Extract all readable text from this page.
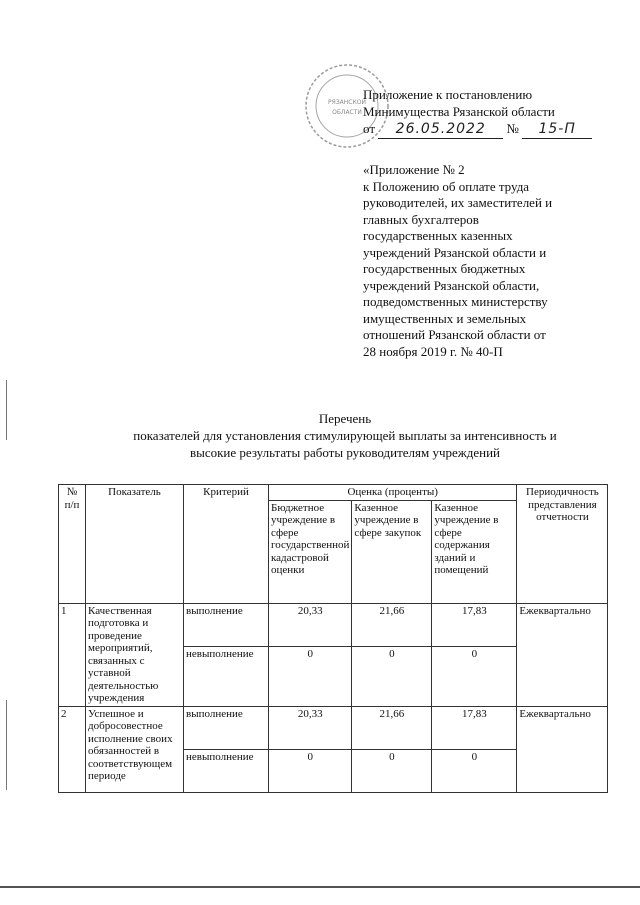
РЯЗАНСКОЙ
ОБЛАСТИ
Приложение к постановлению
Минимущества Рязанской области
от 26.05.2022 № 15-П
«Приложение № 2
к Положению об оплате труда
руководителей, их заместителей и
главных бухгалтеров
государственных казенных
учреждений Рязанской области и
государственных бюджетных
учреждений Рязанской области,
подведомственных министерству
имущественных и земельных
отношений Рязанской области от
28 ноября 2019 г. № 40-П
Перечень
показателей для установления стимулирующей выплаты за интенсивность и
высокие результаты работы руководителям учреждений
№ п/п	Показатель	Критерий	Оценка (проценты)			Периодичность представления отчетности
			Бюджетное учреждение в сфере государственной кадастровой оценки	Казенное учреждение в сфере закупок	Казенное учреждение в сфере содержания зданий и помещений	
1	Качественная подготовка и проведение мероприятий, связанных с уставной деятельностью учреждения	выполнение	20,33	21,66	17,83	Ежеквартально
		невыполнение	0	0	0	
2	Успешное и добросовестное исполнение своих обязанностей в соответствующем периоде	выполнение	20,33	21,66	17,83	Ежеквартально
		невыполнение	0	0	0	
